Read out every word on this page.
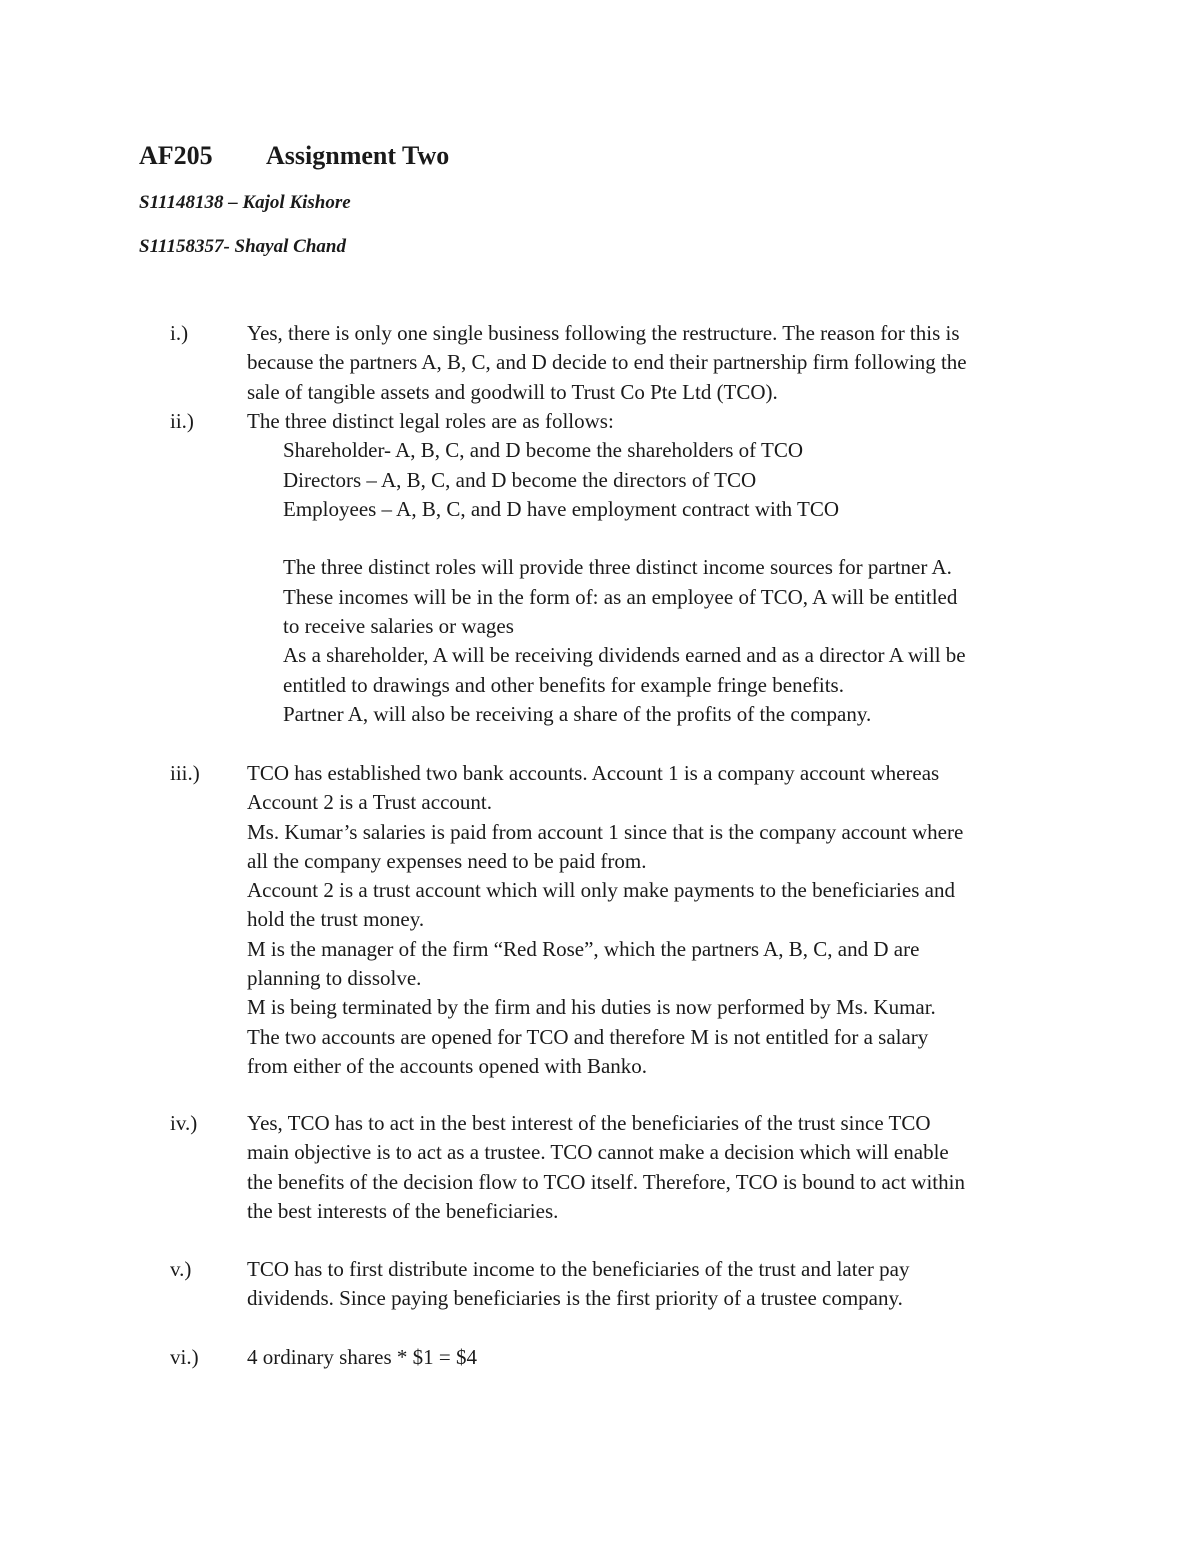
AF205 Assignment Two
S11148138 – Kajol Kishore
S11158357- Shayal Chand
i.)	Yes, there is only one single business following the restructure. The reason for this is
because the partners A, B, C, and D decide to end their partnership firm following the
sale of tangible assets and goodwill to Trust Co Pte Ltd (TCO).
ii.)	The three distinct legal roles are as follows:
Shareholder- A, B, C, and D become the shareholders of TCO
Directors – A, B, C, and D become the directors of TCO
Employees – A, B, C, and D have employment contract with TCO
The three distinct roles will provide three distinct income sources for partner A.
These incomes will be in the form of: as an employee of TCO, A will be entitled
to receive salaries or wages
As a shareholder, A will be receiving dividends earned and as a director A will be
entitled to drawings and other benefits for example fringe benefits.
Partner A, will also be receiving a share of the profits of the company.
iii.) TCO has established two bank accounts. Account 1 is a company account whereas
Account 2 is a Trust account.
Ms. Kumar’s salaries is paid from account 1 since that is the company account where
all the company expenses need to be paid from.
Account 2 is a trust account which will only make payments to the beneficiaries and
hold the trust money.
M is the manager of the firm “Red Rose”, which the partners A, B, C, and D are
planning to dissolve.
M is being terminated by the firm and his duties is now performed by Ms. Kumar.
The two accounts are opened for TCO and therefore M is not entitled for a salary
from either of the accounts opened with Banko.
iv.) Yes, TCO has to act in the best interest of the beneficiaries of the trust since TCO
main objective is to act as a trustee. TCO cannot make a decision which will enable
the benefits of the decision flow to TCO itself. Therefore, TCO is bound to act within
the best interests of the beneficiaries.
v.)	TCO has to first distribute income to the beneficiaries of the trust and later pay
dividends. Since paying beneficiaries is the first priority of a trustee company.
vi.) 4 ordinary shares * $1 = $4
